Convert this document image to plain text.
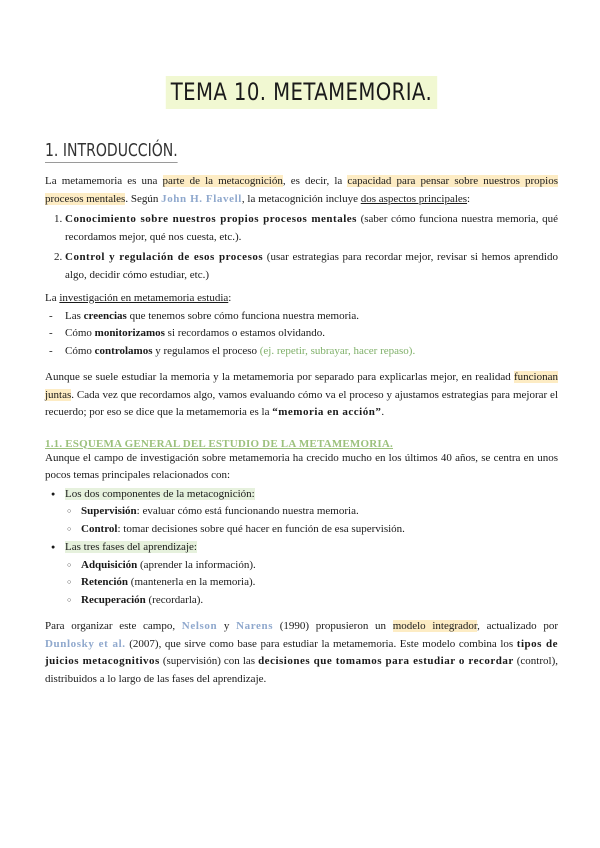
TEMA 10. METAMEMORIA.
1. INTRODUCCIÓN.

La metamemoria es una parte de la metacognición, es decir, la capacidad para pensar sobre nuestros propios procesos mentales. Según John H. Flavell, la metacognición incluye dos aspectos principales:

1. Conocimiento sobre nuestros propios procesos mentales (saber cómo funciona nuestra memoria, qué recordamos mejor, qué nos cuesta, etc.).
2. Control y regulación de esos procesos (usar estrategias para recordar mejor, revisar si hemos aprendido algo, decidir cómo estudiar, etc.)

La investigación en metamemoria estudia:

- Las creencias que tenemos sobre cómo funciona nuestra memoria.
- Cómo monitorizamos si recordamos o estamos olvidando.
- Cómo controlamos y regulamos el proceso (ej. repetir, subrayar, hacer repaso).

Aunque se suele estudiar la memoria y la metamemoria por separado para explicarlas mejor, en realidad funcionan juntas. Cada vez que recordamos algo, vamos evaluando cómo va el proceso y ajustamos estrategias para mejorar el recuerdo; por eso se dice que la metamemoria es la “memoria en acción”.

1.1. ESQUEMA GENERAL DEL ESTUDIO DE LA METAMEMORIA.

Aunque el campo de investigación sobre metamemoria ha crecido mucho en los últimos 40 años, se centra en unos pocos temas principales relacionados con:

● Los dos componentes de la metacognición:
○ Supervisión: evaluar cómo está funcionando nuestra memoria.
○ Control: tomar decisiones sobre qué hacer en función de esa supervisión.
● Las tres fases del aprendizaje:
○ Adquisición (aprender la información).
○ Retención (mantenerla en la memoria).
○ Recuperación (recordarla).

Para organizar este campo, Nelson y Narens (1990) propusieron un modelo integrador, actualizado por Dunlosky et al. (2007), que sirve como base para estudiar la metamemoria. Este modelo combina los tipos de juicios metacognitivos (supervisión) con las decisiones que tomamos para estudiar o recordar (control), distribuidos a lo largo de las fases del aprendizaje.
